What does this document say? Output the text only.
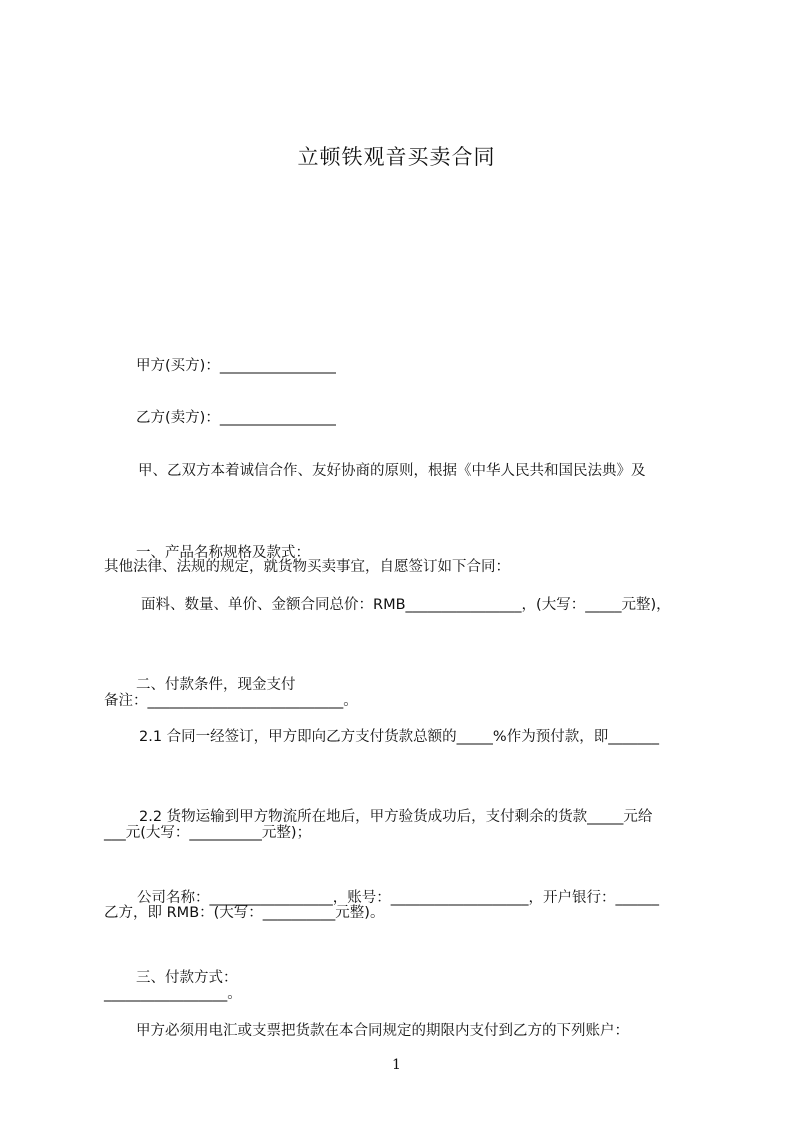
立顿铁观音买卖合同

甲方(买方)：________________

乙方(卖方)：________________

甲、乙双方本着诚信合作、友好协商的原则，根据《中华人民共和国民法典》及

其他法律、法规的规定，就货物买卖事宜，自愿签订如下合同：

一、产品名称规格及款式：

面料、数量、单价、金额合同总价：RMB________________，(大写：_____元整)，

备注：___________________________。

二、付款条件，现金支付

2.1 合同一经签订，甲方即向乙方支付货款总额的_____%作为预付款，即_______

___元(大写：__________元整)；

2.2 货物运输到甲方物流所在地后，甲方验货成功后，支付剩余的货款_____元给

乙方，即 RMB：(大写：__________元整)。

公司名称：_________________，账号：___________________，开户银行：______

_________________。

三、付款方式：

甲方必须用电汇或支票把货款在本合同规定的期限内支付到乙方的下列账户：

1
